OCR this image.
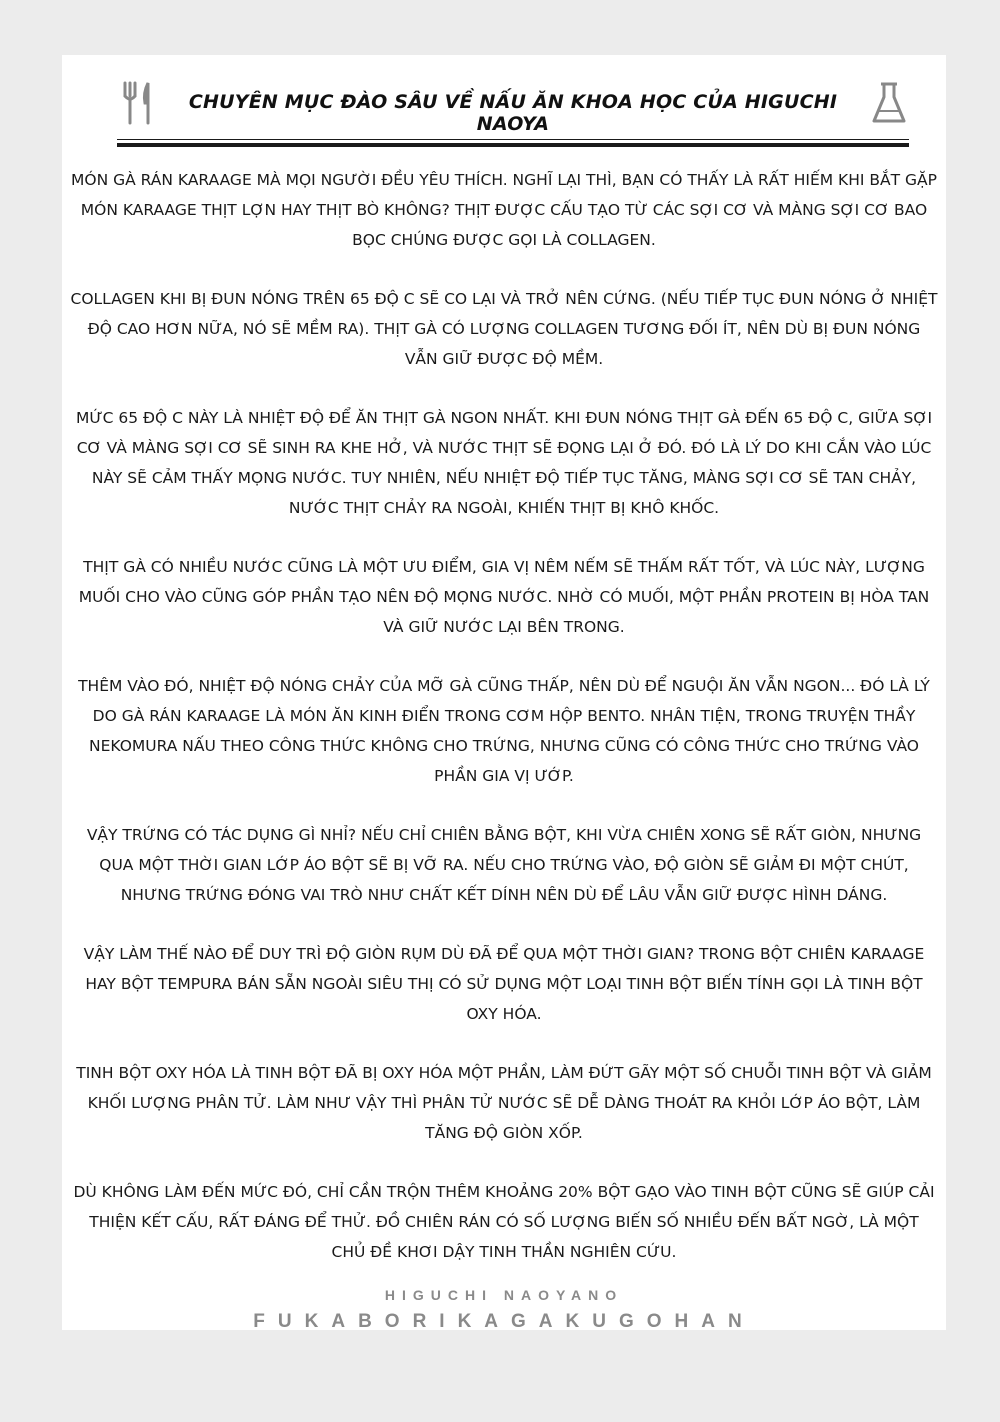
CHUYÊN MỤC ĐÀO SÂU VỀ NẤU ĂN KHOA HỌC CỦA HIGUCHI NAOYA

MÓN GÀ RÁN KARAAGE MÀ MỌI NGƯỜI ĐỀU YÊU THÍCH. NGHĨ LẠI THÌ, BẠN CÓ THẤY LÀ RẤT HIẾM KHI BẮT GẶP MÓN KARAAGE THỊT LỢN HAY THỊT BÒ KHÔNG? THỊT ĐƯỢC CẤU TẠO TỪ CÁC SỢI CƠ VÀ MÀNG SỢI CƠ BAO BỌC CHÚNG ĐƯỢC GỌI LÀ COLLAGEN.

COLLAGEN KHI BỊ ĐUN NÓNG TRÊN 65 ĐỘ C SẼ CO LẠI VÀ TRỞ NÊN CỨNG. (NẾU TIẾP TỤC ĐUN NÓNG Ở NHIỆT ĐỘ CAO HƠN NỮA, NÓ SẼ MỀM RA). THỊT GÀ CÓ LƯỢNG COLLAGEN TƯƠNG ĐỐI ÍT, NÊN DÙ BỊ ĐUN NÓNG VẪN GIỮ ĐƯỢC ĐỘ MỀM.

MỨC 65 ĐỘ C NÀY LÀ NHIỆT ĐỘ ĐỂ ĂN THỊT GÀ NGON NHẤT. KHI ĐUN NÓNG THỊT GÀ ĐẾN 65 ĐỘ C, GIỮA SỢI CƠ VÀ MÀNG SỢI CƠ SẼ SINH RA KHE HỞ, VÀ NƯỚC THỊT SẼ ĐỌNG LẠI Ở ĐÓ. ĐÓ LÀ LÝ DO KHI CẮN VÀO LÚC NÀY SẼ CẢM THẤY MỌNG NƯỚC. TUY NHIÊN, NẾU NHIỆT ĐỘ TIẾP TỤC TĂNG, MÀNG SỢI CƠ SẼ TAN CHẢY, NƯỚC THỊT CHẢY RA NGOÀI, KHIẾN THỊT BỊ KHÔ KHỐC.

THỊT GÀ CÓ NHIỀU NƯỚC CŨNG LÀ MỘT ƯU ĐIỂM, GIA VỊ NÊM NẾM SẼ THẤM RẤT TỐT, VÀ LÚC NÀY, LƯỢNG MUỐI CHO VÀO CŨNG GÓP PHẦN TẠO NÊN ĐỘ MỌNG NƯỚC. NHỜ CÓ MUỐI, MỘT PHẦN PROTEIN BỊ HÒA TAN VÀ GIỮ NƯỚC LẠI BÊN TRONG.

THÊM VÀO ĐÓ, NHIỆT ĐỘ NÓNG CHẢY CỦA MỠ GÀ CŨNG THẤP, NÊN DÙ ĐỂ NGUỘI ĂN VẪN NGON... ĐÓ LÀ LÝ DO GÀ RÁN KARAAGE LÀ MÓN ĂN KINH ĐIỂN TRONG CƠM HỘP BENTO. NHÂN TIỆN, TRONG TRUYỆN THẦY NEKOMURA NẤU THEO CÔNG THỨC KHÔNG CHO TRỨNG, NHƯNG CŨNG CÓ CÔNG THỨC CHO TRỨNG VÀO PHẦN GIA VỊ ƯỚP.

VẬY TRỨNG CÓ TÁC DỤNG GÌ NHỈ? NẾU CHỈ CHIÊN BẰNG BỘT, KHI VỪA CHIÊN XONG SẼ RẤT GIÒN, NHƯNG QUA MỘT THỜI GIAN LỚP ÁO BỘT SẼ BỊ VỠ RA. NẾU CHO TRỨNG VÀO, ĐỘ GIÒN SẼ GIẢM ĐI MỘT CHÚT, NHƯNG TRỨNG ĐÓNG VAI TRÒ NHƯ CHẤT KẾT DÍNH NÊN DÙ ĐỂ LÂU VẪN GIỮ ĐƯỢC HÌNH DÁNG.

VẬY LÀM THẾ NÀO ĐỂ DUY TRÌ ĐỘ GIÒN RỤM DÙ ĐÃ ĐỂ QUA MỘT THỜI GIAN? TRONG BỘT CHIÊN KARAAGE HAY BỘT TEMPURA BÁN SẴN NGOÀI SIÊU THỊ CÓ SỬ DỤNG MỘT LOẠI TINH BỘT BIẾN TÍNH GỌI LÀ TINH BỘT OXY HÓA.

TINH BỘT OXY HÓA LÀ TINH BỘT ĐÃ BỊ OXY HÓA MỘT PHẦN, LÀM ĐỨT GÃY MỘT SỐ CHUỖI TINH BỘT VÀ GIẢM KHỐI LƯỢNG PHÂN TỬ. LÀM NHƯ VẬY THÌ PHÂN TỬ NƯỚC SẼ DỄ DÀNG THOÁT RA KHỎI LỚP ÁO BỘT, LÀM TĂNG ĐỘ GIÒN XỐP.

DÙ KHÔNG LÀM ĐẾN MỨC ĐÓ, CHỈ CẦN TRỘN THÊM KHOẢNG 20% BỘT GẠO VÀO TINH BỘT CŨNG SẼ GIÚP CẢI THIỆN KẾT CẤU, RẤT ĐÁNG ĐỂ THỬ. ĐỒ CHIÊN RÁN CÓ SỐ LƯỢNG BIẾN SỐ NHIỀU ĐẾN BẤT NGỜ, LÀ MỘT CHỦ ĐỀ KHƠI DẬY TINH THẦN NGHIÊN CỨU.

HIGUCHI NAOYANO
FUKABORIKAGAKUGOHAN
